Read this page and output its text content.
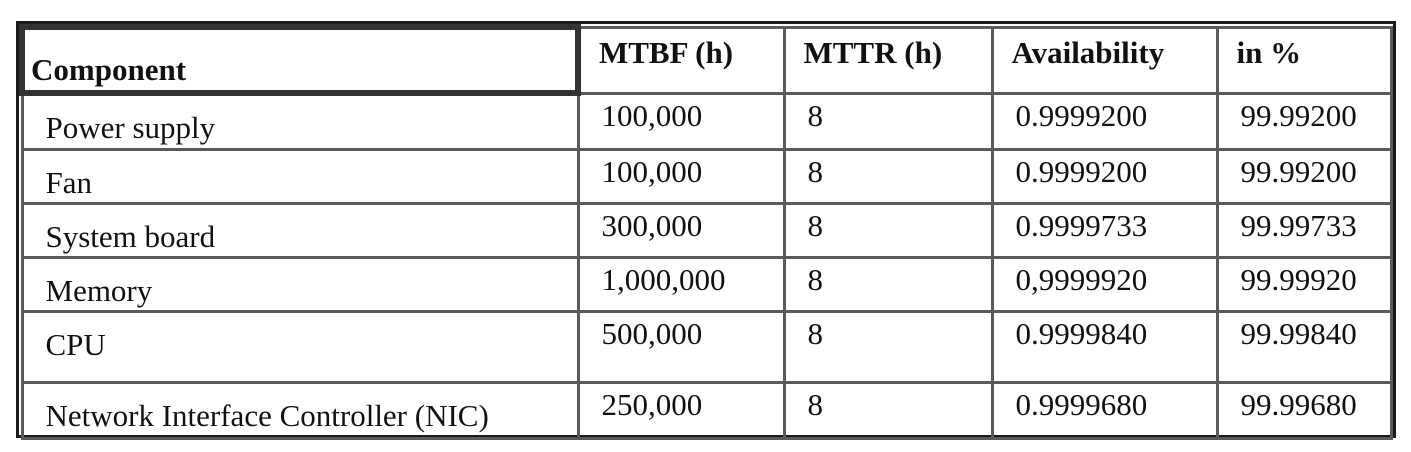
Component	MTBF (h)	MTTR (h)	Availability	in %
Power supply	100,000	8	0.9999200	99.99200
Fan	100,000	8	0.9999200	99.99200
System board	300,000	8	0.9999733	99.99733
Memory	1,000,000	8	0,9999920	99.99920
CPU	500,000	8	0.9999840	99.99840
Network Interface Controller (NIC)	250,000	8	0.9999680	99.99680
